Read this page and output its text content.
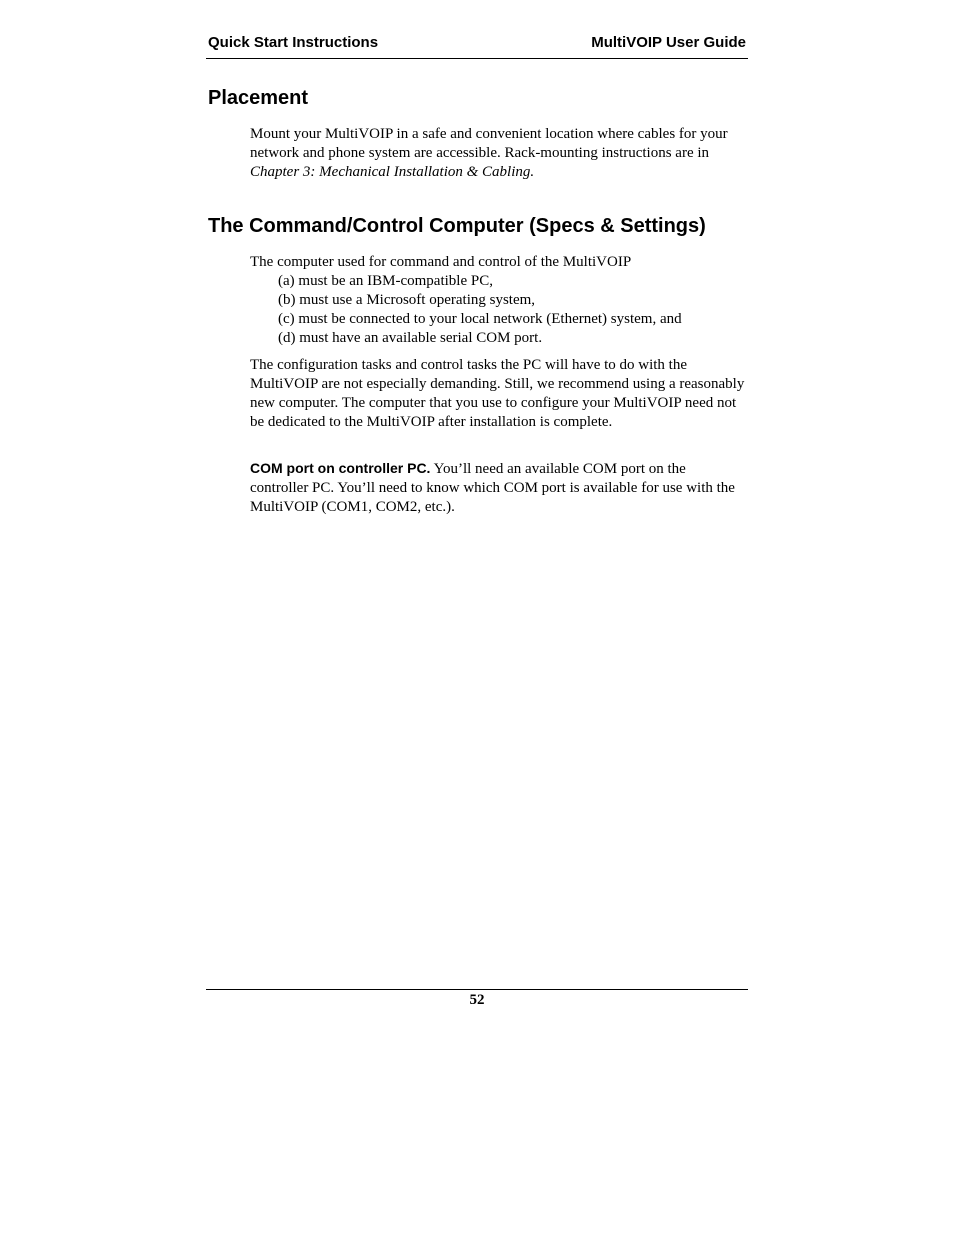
Quick Start Instructions	MultiVOIP User Guide
Placement

Mount your MultiVOIP in a safe and convenient location where cables for your network and phone system are accessible. Rack-mounting instructions are in Chapter 3: Mechanical Installation & Cabling.

The Command/Control Computer (Specs & Settings)

The computer used for command and control of the MultiVOIP

(a) must be an IBM-compatible PC,
(b) must use a Microsoft operating system,
(c) must be connected to your local network (Ethernet) system, and
(d) must have an available serial COM port.

The configuration tasks and control tasks the PC will have to do with the MultiVOIP are not especially demanding. Still, we recommend using a reasonably new computer. The computer that you use to configure your MultiVOIP need not be dedicated to the MultiVOIP after installation is complete.

COM port on controller PC. You’ll need an available COM port on the controller PC. You’ll need to know which COM port is available for use with the MultiVOIP (COM1, COM2, etc.).

52
